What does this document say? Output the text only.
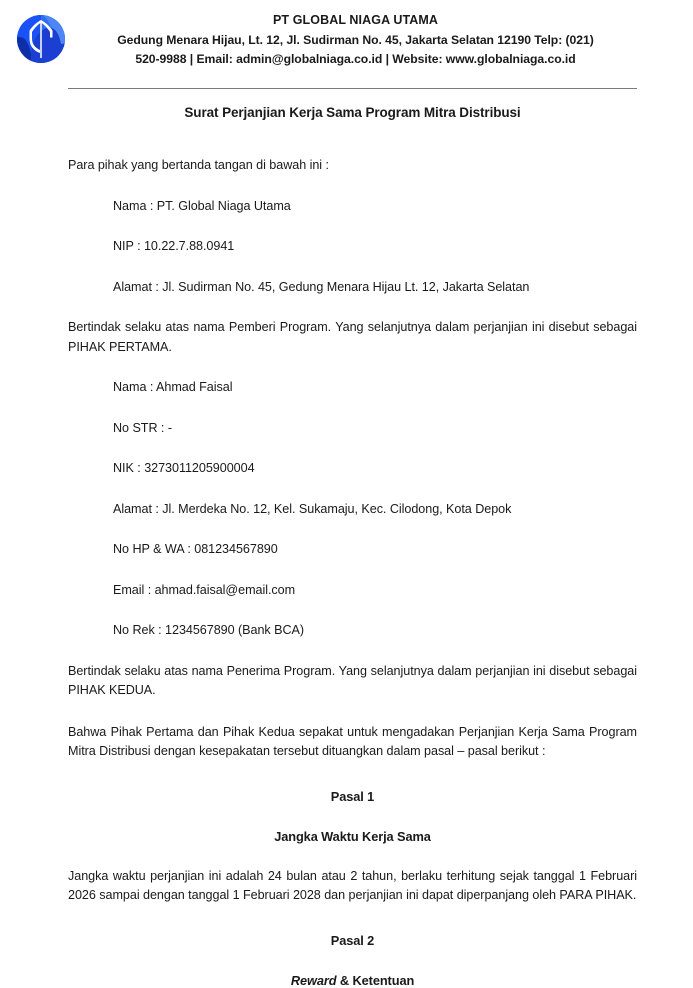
PT GLOBAL NIAGA UTAMA
Gedung Menara Hijau, Lt. 12, Jl. Sudirman No. 45, Jakarta Selatan 12190 Telp: (021)
520-9988 | Email: admin@globalniaga.co.id | Website: www.globalniaga.co.id
Surat Perjanjian Kerja Sama Program Mitra Distribusi

Para pihak yang bertanda tangan di bawah ini :

Nama : PT. Global Niaga Utama
NIP : 10.22.7.88.0941
Alamat : Jl. Sudirman No. 45, Gedung Menara Hijau Lt. 12, Jakarta Selatan

Bertindak selaku atas nama Pemberi Program. Yang selanjutnya dalam perjanjian ini disebut sebagai PIHAK PERTAMA.

Nama : Ahmad Faisal
No STR : -
NIK : 3273011205900004
Alamat : Jl. Merdeka No. 12, Kel. Sukamaju, Kec. Cilodong, Kota Depok
No HP & WA : 081234567890
Email : ahmad.faisal@email.com
No Rek : 1234567890 (Bank BCA)

Bertindak selaku atas nama Penerima Program. Yang selanjutnya dalam perjanjian ini disebut sebagai PIHAK KEDUA.

Bahwa Pihak Pertama dan Pihak Kedua sepakat untuk mengadakan Perjanjian Kerja Sama Program Mitra Distribusi dengan kesepakatan tersebut dituangkan dalam pasal – pasal berikut :

Pasal 1
Jangka Waktu Kerja Sama

Jangka waktu perjanjian ini adalah 24 bulan atau 2 tahun, berlaku terhitung sejak tanggal 1 Februari 2026 sampai dengan tanggal 1 Februari 2028 dan perjanjian ini dapat diperpanjang oleh PARA PIHAK.

Pasal 2
Reward & Ketentuan
